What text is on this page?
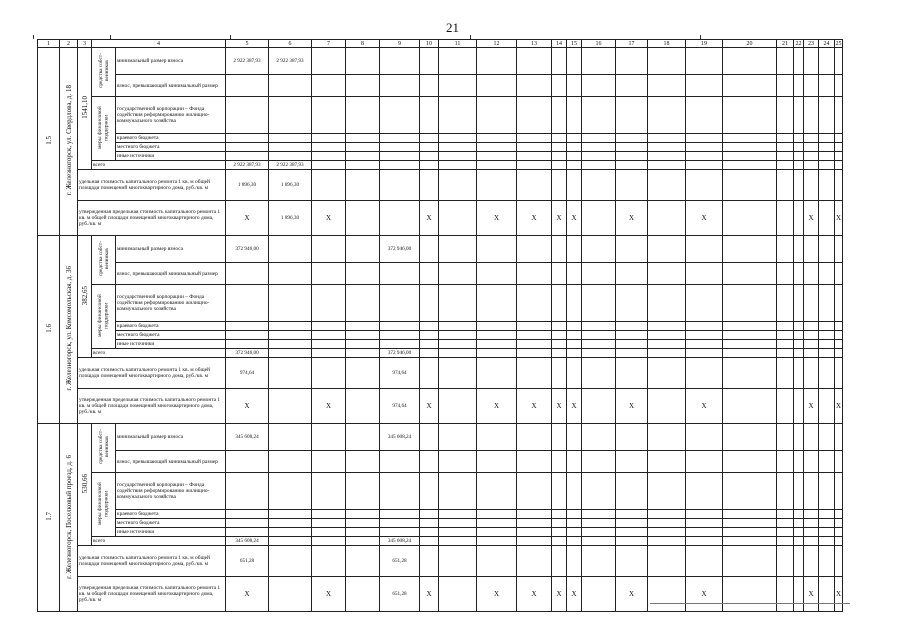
21
1	2	3	4		5	6	7	8	9	10	11	12	13	14	15	16	17	18	19	20	21	22	23	24	25
1.5	г. Железногорск, ул. Свердлова, д. 18	1541,10	средства собст-венников	минимальный размер взноса	2 922 387,93	2 922 387,93																			
				взнос, превышающий минимальный размер																					
			меры финансовой поддержки	государственной корпорации – Фонда содействия реформированию жилищно-коммунального хозяйства																					
				краевого бюджета																					
				местного бюджета																					
				иные источники																					
			всего		2 922 387,93	2 922 387,93																			
		удельная стоимость капитального ремонта 1 кв. м общей площади помещений многоквартирного дома, руб./кв. м			1 896,30	1 896,30																			
		утвержденная предельная стоимость капитального ремонта 1 кв. м общей площади помещений многоквартирного дома, руб./кв. м			X	1 896,30	X			X		X	X	X	X		X		X				X		X
1.6	г. Железногорск, ул. Комсомольская, д. 36	382,65	средства собст-венников	минимальный размер взноса	372 946,00				372 946,00																
				взнос, превышающий минимальный размер																					
			меры финансовой поддержки	государственной корпорации – Фонда содействия реформированию жилищно-коммунального хозяйства																					
				краевого бюджета																					
				местного бюджета																					
				иные источники																					
			всего		372 946,00				372 946,00																
		удельная стоимость капитального ремонта 1 кв. м общей площади помещений многоквартирного дома, руб./кв. м			974,64				974,64																
		утвержденная предельная стоимость капитального ремонта 1 кв. м общей площади помещений многоквартирного дома, руб./кв. м			X		X		974,64	X		X	X	X	X		X		X				X		X
1.7	г. Железногорск, Поселковый проезд, д. 6	530,66	средства собст-венников	минимальный размер взноса	345 608,24				345 608,24																
				взнос, превышающий минимальный размер																					
			меры финансовой поддержки	государственной корпорации – Фонда содействия реформированию жилищно-коммунального хозяйства																					
				краевого бюджета																					
				местного бюджета																					
				иные источники																					
			всего		345 608,24				345 608,24																
		удельная стоимость капитального ремонта 1 кв. м общей площади помещений многоквартирного дома, руб./кв. м			651,28				651,28																
		утвержденная предельная стоимость капитального ремонта 1 кв. м общей площади помещений многоквартирного дома, руб./кв. м			X		X		651,28	X		X	X	X	X		X		X				X		X
